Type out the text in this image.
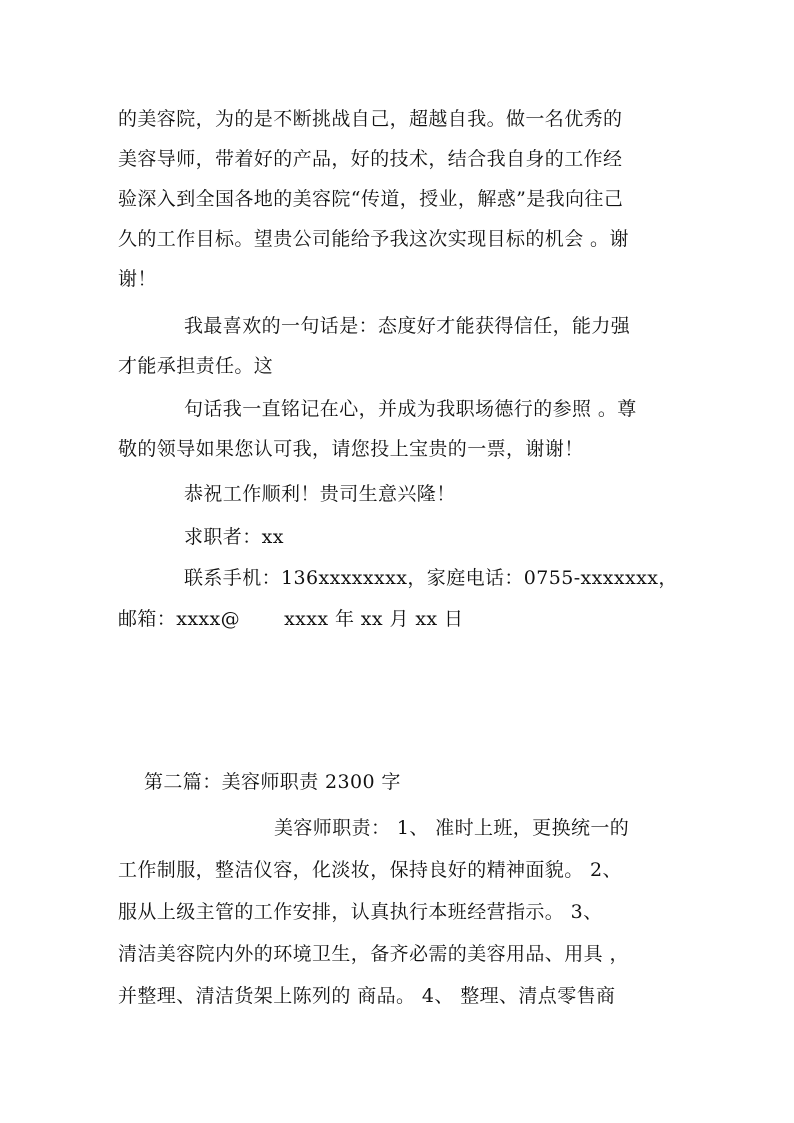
的美容院，为的是不断挑战自己，超越自我。做一名优秀的
美容导师，带着好的产品，好的技术，结合我自身的工作经
验深入到全国各地的美容院“传道，授业，解惑”是我向往己
久的工作目标。望贵公司能给予我这次实现目标的机会 。谢
谢！
我最喜欢的一句话是：态度好才能获得信任，能力强
才能承担责任。这
句话我一直铭记在心，并成为我职场德行的参照 。尊
敬的领导如果您认可我，请您投上宝贵的一票，谢谢！
恭祝工作顺利！贵司生意兴隆！
求职者：xx
联系手机：136xxxxxxxx，家庭电话：0755-xxxxxxx，
邮箱：xxxx@ xxxx 年 xx 月 xx 日
第二篇：美容师职责 2300 字
美容师职责： 1、 准时上班，更换统一的
工作制服，整洁仪容，化淡妆，保持良好的精神面貌。 2、
服从上级主管的工作安排，认真执行本班经营指示。 3、
清洁美容院内外的环境卫生，备齐必需的美容用品、用具 ，
并整理、清洁货架上陈列的 商品。 4、 整理、清点零售商
